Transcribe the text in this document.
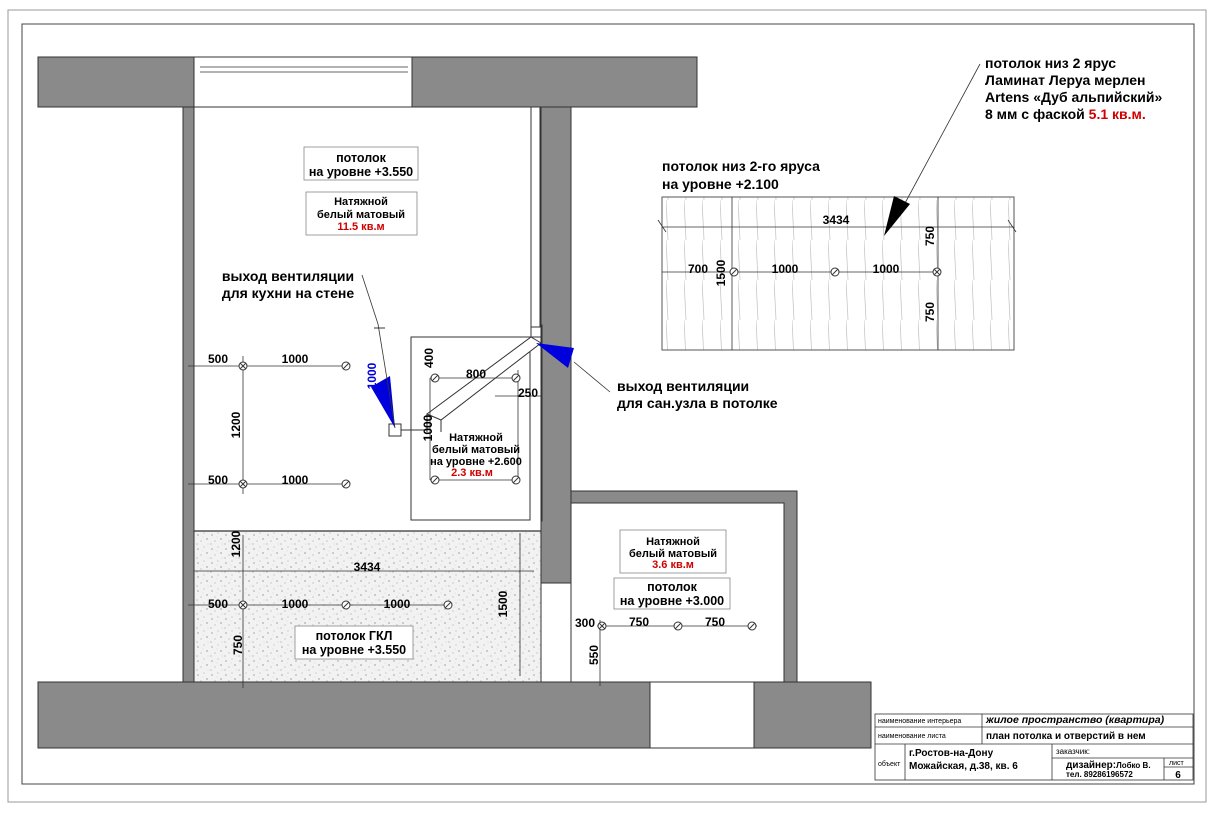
потолок
на уровне +3.550
Натяжной
белый матовый
11.5 кв.м
выход вентиляции
для кухни на стене
1000
500	1000
500	1000
1200
400
800
250
1000 Натяжной
белый матовый
на уровне +2.600
2.3 кв.м
выход вентиляции
для сан.узла в потолке
1200
3434
500	1000	1000	1500
750	потолок ГКЛ
на уровне +3.550
Натяжной
белый матовый
3.6 кв.м
потолок
на уровне +3.000
300	750	750
550
3434
1500
750
750
700	1000	1000
потолок низ 2-го яруса
на уровне +2.100
потолок низ 2 ярус
Ламинат Леруа мерлен
Artens «Дуб альпийский»
8 мм с фаской 5.1 кв.м.
наименование интерьера жилое пространство (квартира)
наименование листа	план потолка и отверстий в нем
объект
г.Ростов-на-Дону
Можайская, д.38, кв. 6
заказчик:
дизайнер:Лобко В.
тел. 89286196572
лист
6
